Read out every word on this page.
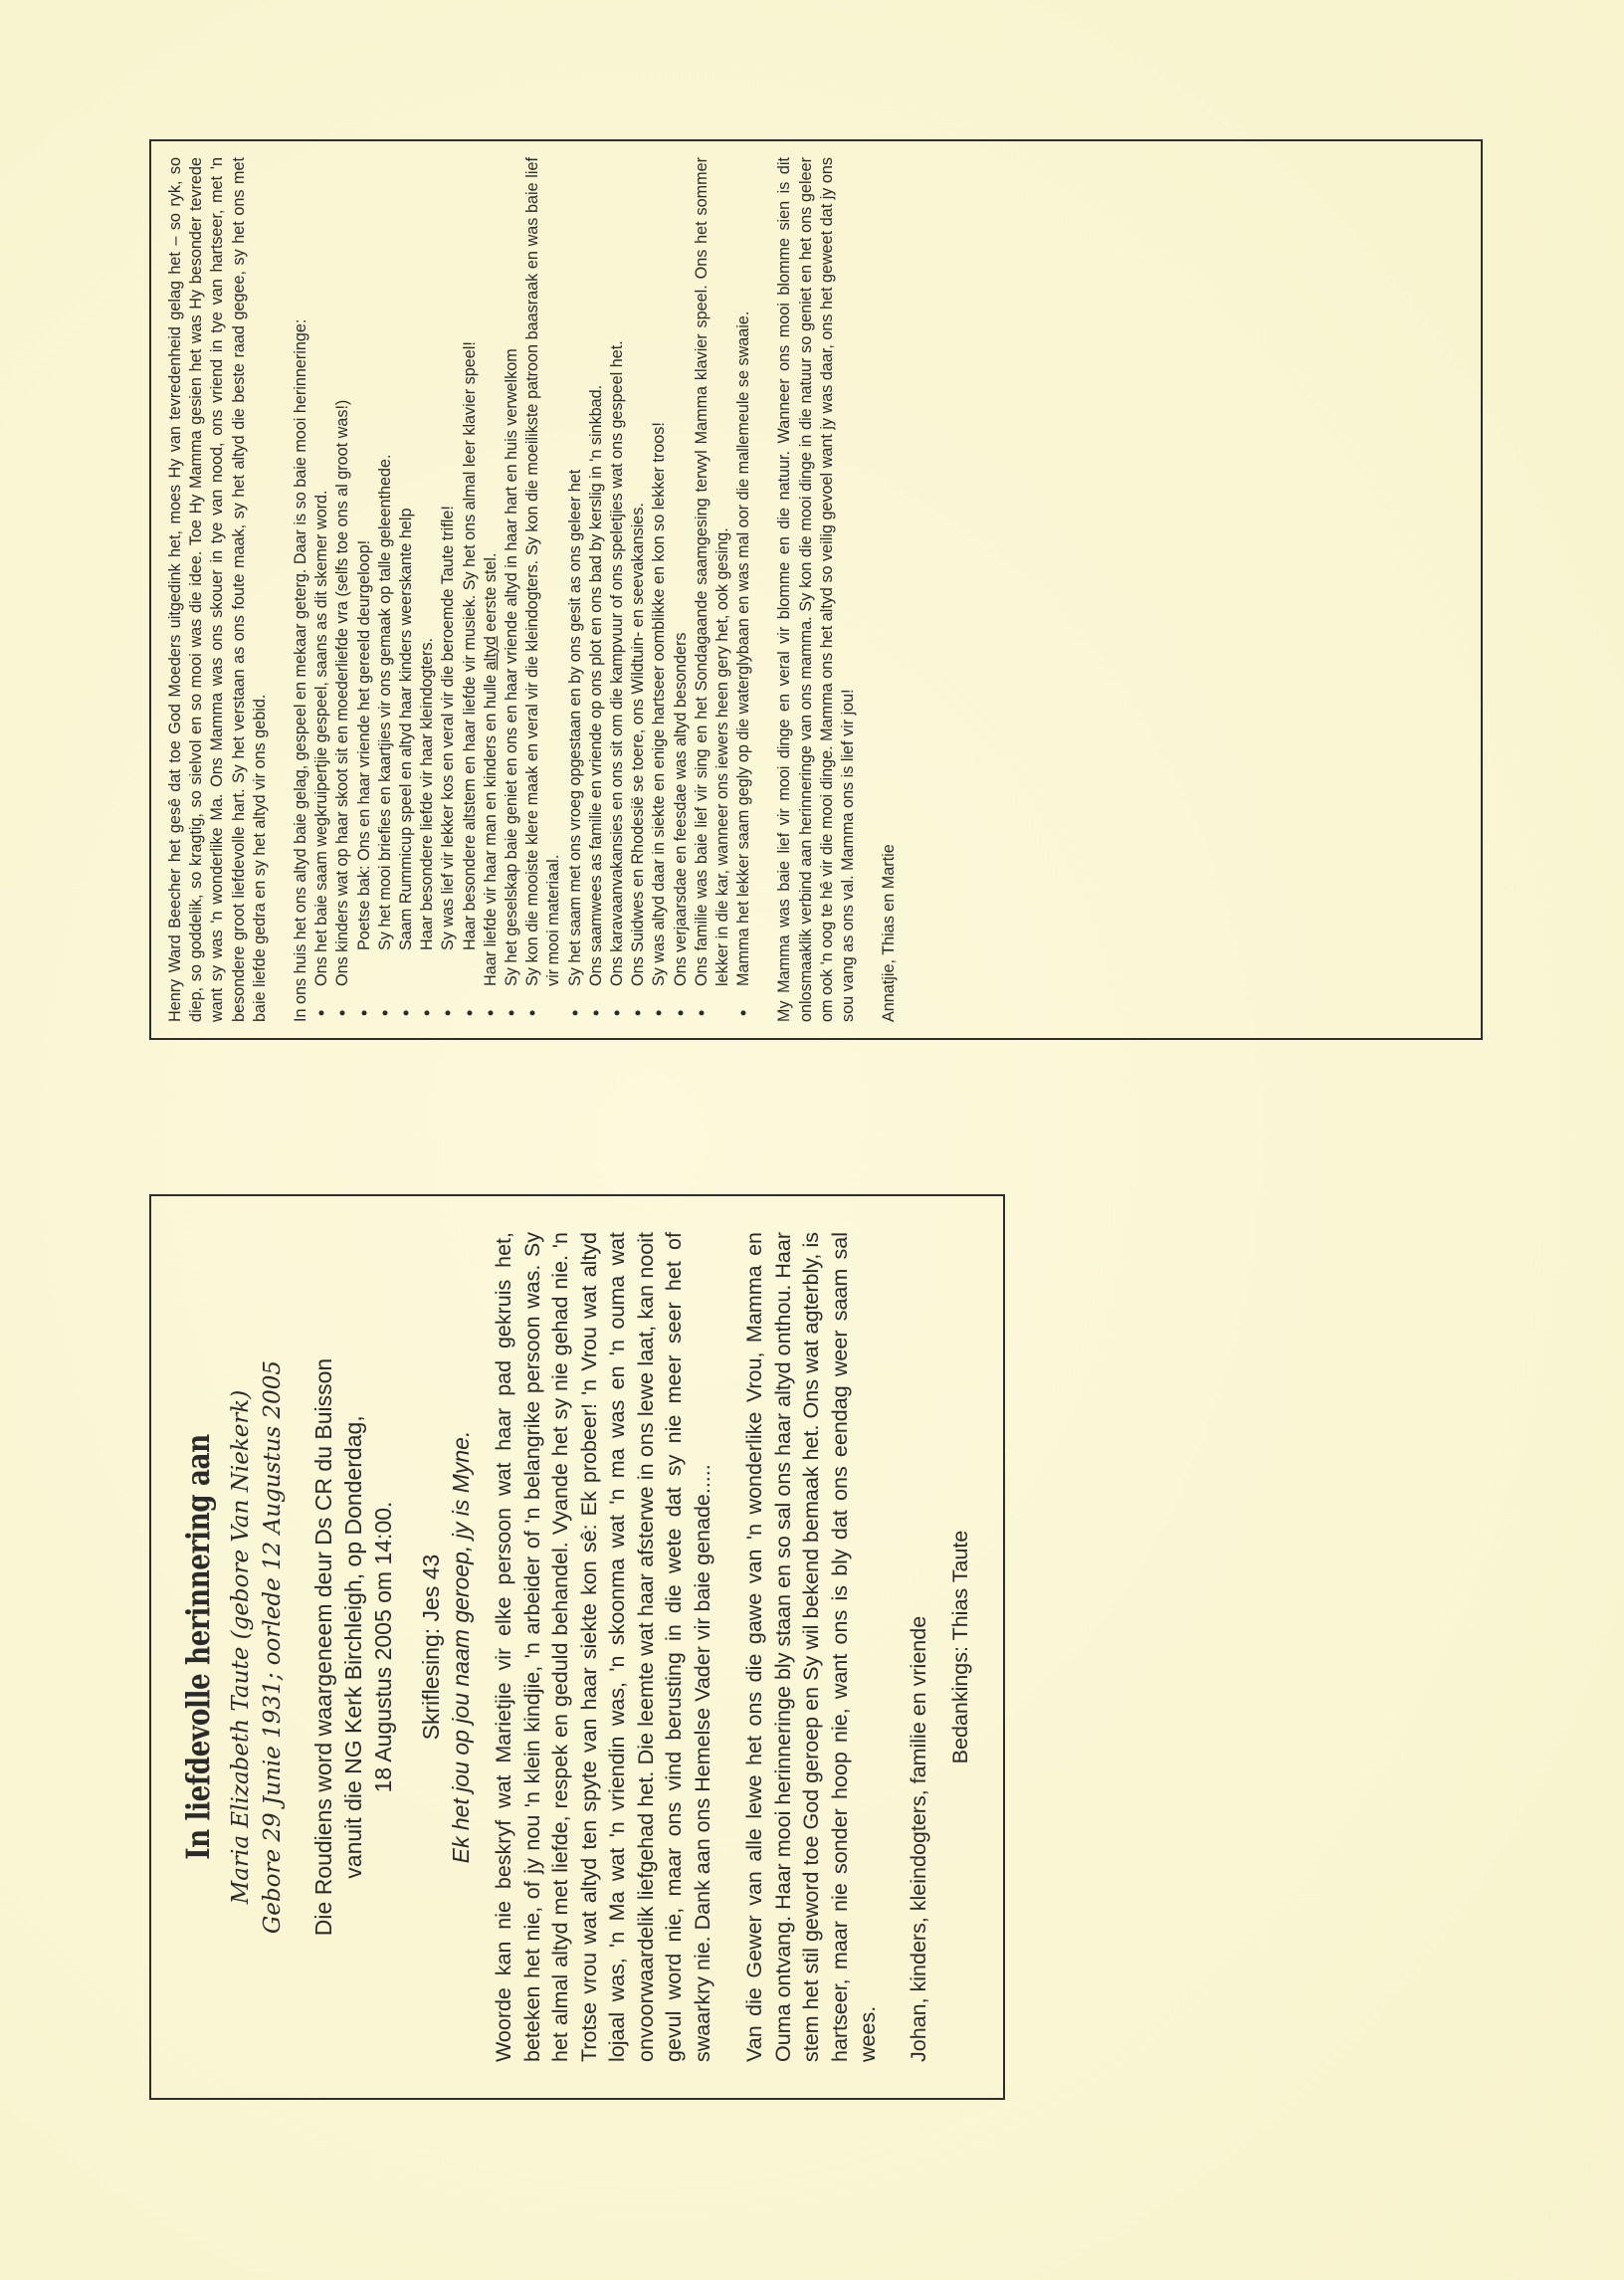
In liefdevolle herinnering aan Maria Elizabeth Taute (gebore Van Niekerk) Gebore 29 Junie 1931; oorlede 12 Augustus 2005 Die Roudiens word waargeneem deur Ds CR du Buisson vanuit die NG Kerk Birchleigh, op Donderdag, 18 Augustus 2005 om 14:00. Skriflesing: Jes 43 Ek het jou op jou naam geroep, jy is Myne. Woorde kan nie beskryf wat Marietjie vir elke persoon wat haar pad gekruis het, beteken het nie, of jy nou 'n klein kindjie, 'n arbeider of 'n belangrike persoon was. Sy het almal altyd met liefde, respek en geduld behandel. Vyande het sy nie gehad nie. 'n Trotse vrou wat altyd ten spyte van haar siekte kon sê: Ek probeer! 'n Vrou wat altyd lojaal was, 'n Ma wat 'n vriendin was, 'n skoonma wat 'n ma was en 'n ouma wat onvoorwaardelik liefgehad het. Die leemte wat haar afsterwe in ons lewe laat, kan nooit gevul word nie, maar ons vind berusting in die wete dat sy nie meer seer het of swaarkry nie. Dank aan ons Hemelse Vader vir baie genade..... Van die Gewer van alle lewe het ons die gawe van 'n wonderlike Vrou, Mamma en Ouma ontvang. Haar mooi herinneringe bly staan en so sal ons haar altyd onthou. Haar stem het stil geword toe God geroep en Sy wil bekend bemaak het. Ons wat agterbly, is hartseer, maar nie sonder hoop nie, want ons is bly dat ons eendag weer saam sal wees. Johan, kinders, kleindogters, familie en vriende Bedankings: Thias Taute

Henry Ward Beecher het gesê dat toe God Moeders uitgedink het, moes Hy van tevredenheid gelag het – so ryk, so diep, so goddelik, so kragtig, so sielvol en so mooi was die idee. Toe Hy Mamma gesien het was Hy besonder tevrede want sy was 'n wonderlike Ma. Ons Mamma was ons skouer in tye van nood, ons vriend in tye van hartseer, met 'n besondere groot liefdevolle hart. Sy het verstaan as ons foute maak, sy het altyd die beste raad gegee, sy het ons met baie liefde gedra en sy het altyd vir ons gebid. In ons huis het ons altyd baie gelag, gespeel en mekaar geterg. Daar is so baie mooi herinneringe: • Ons het baie saam wegkruipertjie gespeel, saans as dit skemer word. • Ons kinders wat op haar skoot sit en moederliefde vra (selfs toe ons al groot was!) • Poetse bak: Ons en haar vriende het gereeld deurgeloop! • Sy het mooi briefies en kaartjies vir ons gemaak op talle geleenthede. • Saam Rummicup speel en altyd haar kinders weerskante help • Haar besondere liefde vir haar kleindogters. • Sy was lief vir lekker kos en veral vir die beroemde Taute trifle! • Haar besondere altstem en haar liefde vir musiek. Sy het ons almal leer klavier speel! • Haar liefde vir haar man en kinders en hulle altyd eerste stel. • Sy het geselskap baie geniet en ons en haar vriende altyd in haar hart en huis verwelkom • Sy kon die mooiste klere maak en veral vir die kleindogters. Sy kon die moeilikste patroon baasraak en was baie lief vir mooi materiaal. • Sy het saam met ons vroeg opgestaan en by ons gesit as ons geleer het • Ons saamwees as familie en vriende op ons plot en ons bad by kerslig in 'n sinkbad. • Ons karavaanvakansies en ons sit om die kampvuur of ons speletjies wat ons gespeel het. • Ons Suidwes en Rhodesië se toere, ons Wildtuin- en seevakansies. • Sy was altyd daar in siekte en enige hartseer oomblikke en kon so lekker troos! • Ons verjaarsdae en feesdae was altyd besonders • Ons familie was baie lief vir sing en het Sondagaande saamgesing terwyl Mamma klavier speel. Ons het sommer lekker in die kar, wanneer ons iewers heen gery het, ook gesing. • Mamma het lekker saam gegly op die waterglybaan en was mal oor die mallemeule se swaaie. My Mamma was baie lief vir mooi dinge en veral vir blomme en die natuur. Wanneer ons mooi blomme sien is dit onlosmaaklik verbind aan herinneringe van ons mamma. Sy kon die mooi dinge in die natuur so geniet en het ons geleer om ook 'n oog te hê vir die mooi dinge. Mamma ons het altyd so veilig gevoel want jy was daar, ons het geweet dat jy ons sou vang as ons val. Mamma ons is lief vir jou! Annatjie, Thias en Martie
